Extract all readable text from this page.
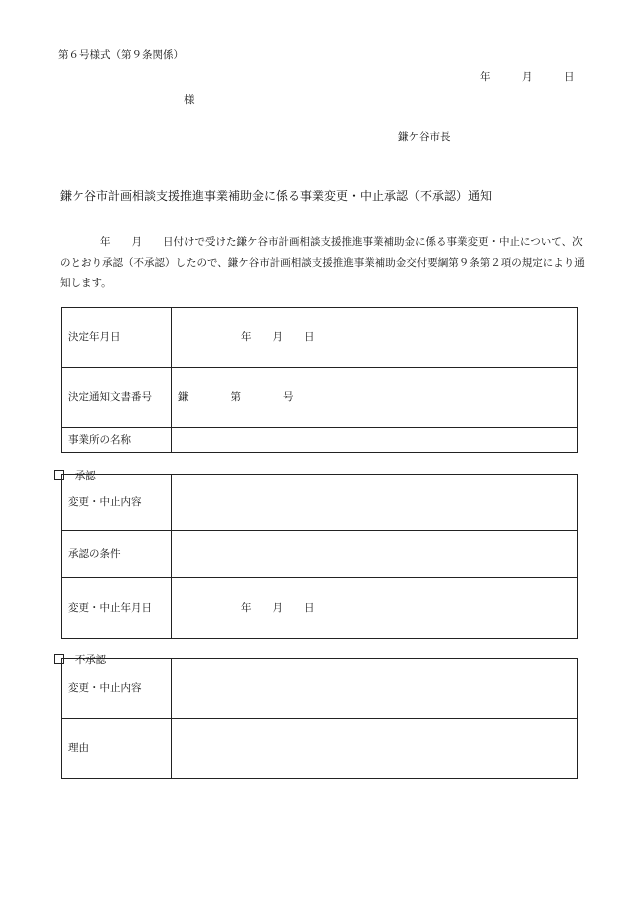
第６号様式（第９条関係）
年　　　月　　　日
様
鎌ケ谷市長
鎌ケ谷市計画相談支援推進事業補助金に係る事業変更・中止承認（不承認）通知
年　　月　　日付けで受けた鎌ケ谷市計画相談支援推進事業補助金に係る事業変更・中止について、次のとおり承認（不承認）したので、鎌ケ谷市計画相談支援推進事業補助金交付要綱第９条第２項の規定により通知します。
決定年月日	　　　　　　年　　月　　日
決定通知文書番号	鎌　　　　第　　　　号
事業所の名称	

承認

変更・中止内容	
承認の条件	
変更・中止年月日	　　　　　　年　　月　　日

不承認

変更・中止内容	
理由	
